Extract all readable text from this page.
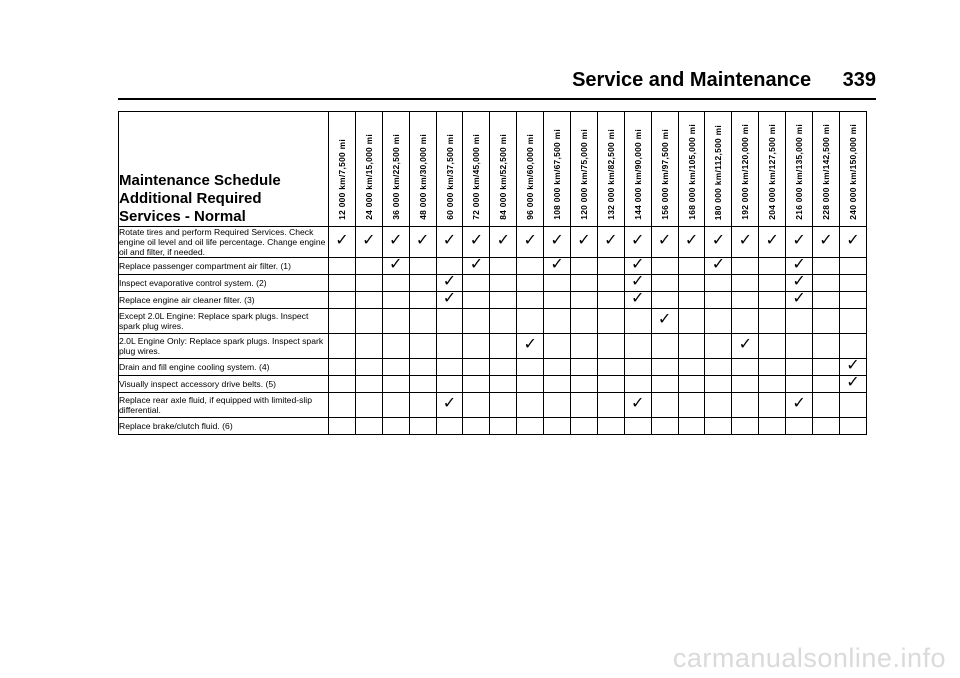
Service and Maintenance 339
Maintenance Schedule
Additional Required
Services - Normal	12 000 km/7,500 mi	24 000 km/15,000 mi	36 000 km/22,500 mi	48 000 km/30,000 mi	60 000 km/37,500 mi	72 000 km/45,000 mi	84 000 km/52,500 mi	96 000 km/60,000 mi	108 000 km/67,500 mi	120 000 km/75,000 mi	132 000 km/82,500 mi	144 000 km/90,000 mi	156 000 km/97,500 mi	168 000 km/105,000 mi	180 000 km/112,500 mi	192 000 km/120,000 mi	204 000 km/127,500 mi	216 000 km/135,000 mi	228 000 km/142,500 mi	240 000 km/150,000 mi

Rotate tires and perform Required Services. Check engine oil level and oil life percentage. Change engine oil and filter, if needed.	✓	✓	✓	✓	✓	✓	✓	✓	✓	✓	✓	✓	✓	✓	✓	✓	✓	✓	✓	✓
Replace passenger compartment air filter. (1)			✓			✓			✓			✓			✓			✓		
Inspect evaporative control system. (2)					✓							✓						✓		
Replace engine air cleaner filter. (3)					✓							✓						✓		
Except 2.0L Engine: Replace spark plugs. Inspect spark plug wires.													✓							
2.0L Engine Only: Replace spark plugs. Inspect spark plug wires.								✓								✓				
Drain and fill engine cooling system. (4)																				✓
Visually inspect accessory drive belts. (5)																				✓
Replace rear axle fluid, if equipped with limited-slip differential.					✓							✓						✓		
Replace brake/clutch fluid. (6)																				
carmanualsonline.info
